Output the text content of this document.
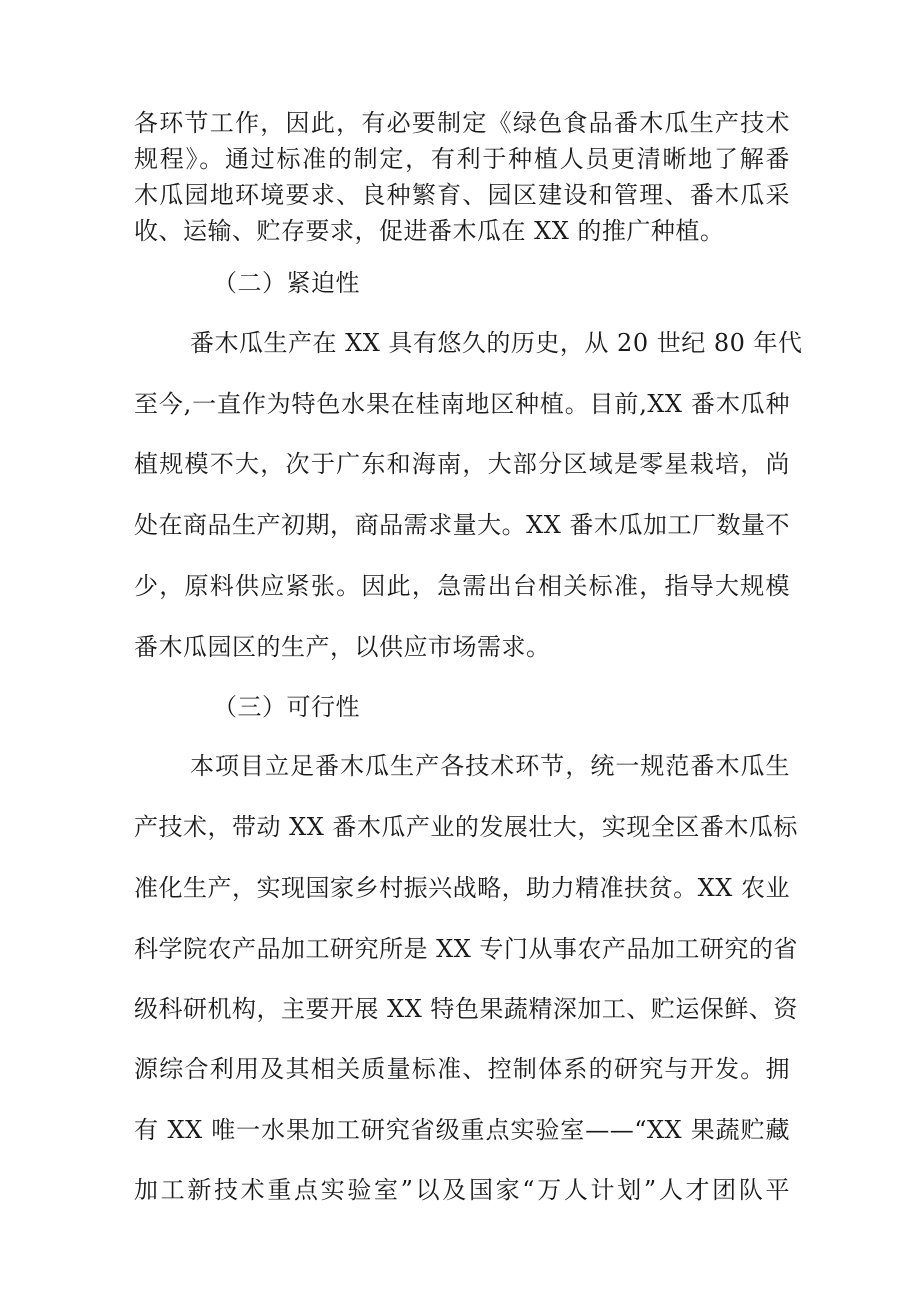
各环节工作，因此，有必要制定《绿色食品番木瓜生产技术
规程》。通过标准的制定，有利于种植人员更清晰地了解番
木瓜园地环境要求、良种繁育、园区建设和管理、番木瓜采
收、运输、贮存要求，促进番木瓜在 XX 的推广种植。
（二）紧迫性
番木瓜生产在 XX 具有悠久的历史，从 20 世纪 80 年代
至今,一直作为特色水果在桂南地区种植。目前,XX 番木瓜种
植规模不大，次于广东和海南，大部分区域是零星栽培，尚
处在商品生产初期，商品需求量大。XX 番木瓜加工厂数量不
少，原料供应紧张。因此，急需出台相关标准，指导大规模
番木瓜园区的生产，以供应市场需求。
（三）可行性
本项目立足番木瓜生产各技术环节，统一规范番木瓜生
产技术，带动 XX 番木瓜产业的发展壮大，实现全区番木瓜标
准化生产，实现国家乡村振兴战略，助力精准扶贫。XX 农业
科学院农产品加工研究所是 XX 专门从事农产品加工研究的省
级科研机构，主要开展 XX 特色果蔬精深加工、贮运保鲜、资
源综合利用及其相关质量标准、控制体系的研究与开发。拥
有 XX 唯一水果加工研究省级重点实验室——“XX 果蔬贮藏
加工新技术重点实验室”以及国家“万人计划”人才团队平
